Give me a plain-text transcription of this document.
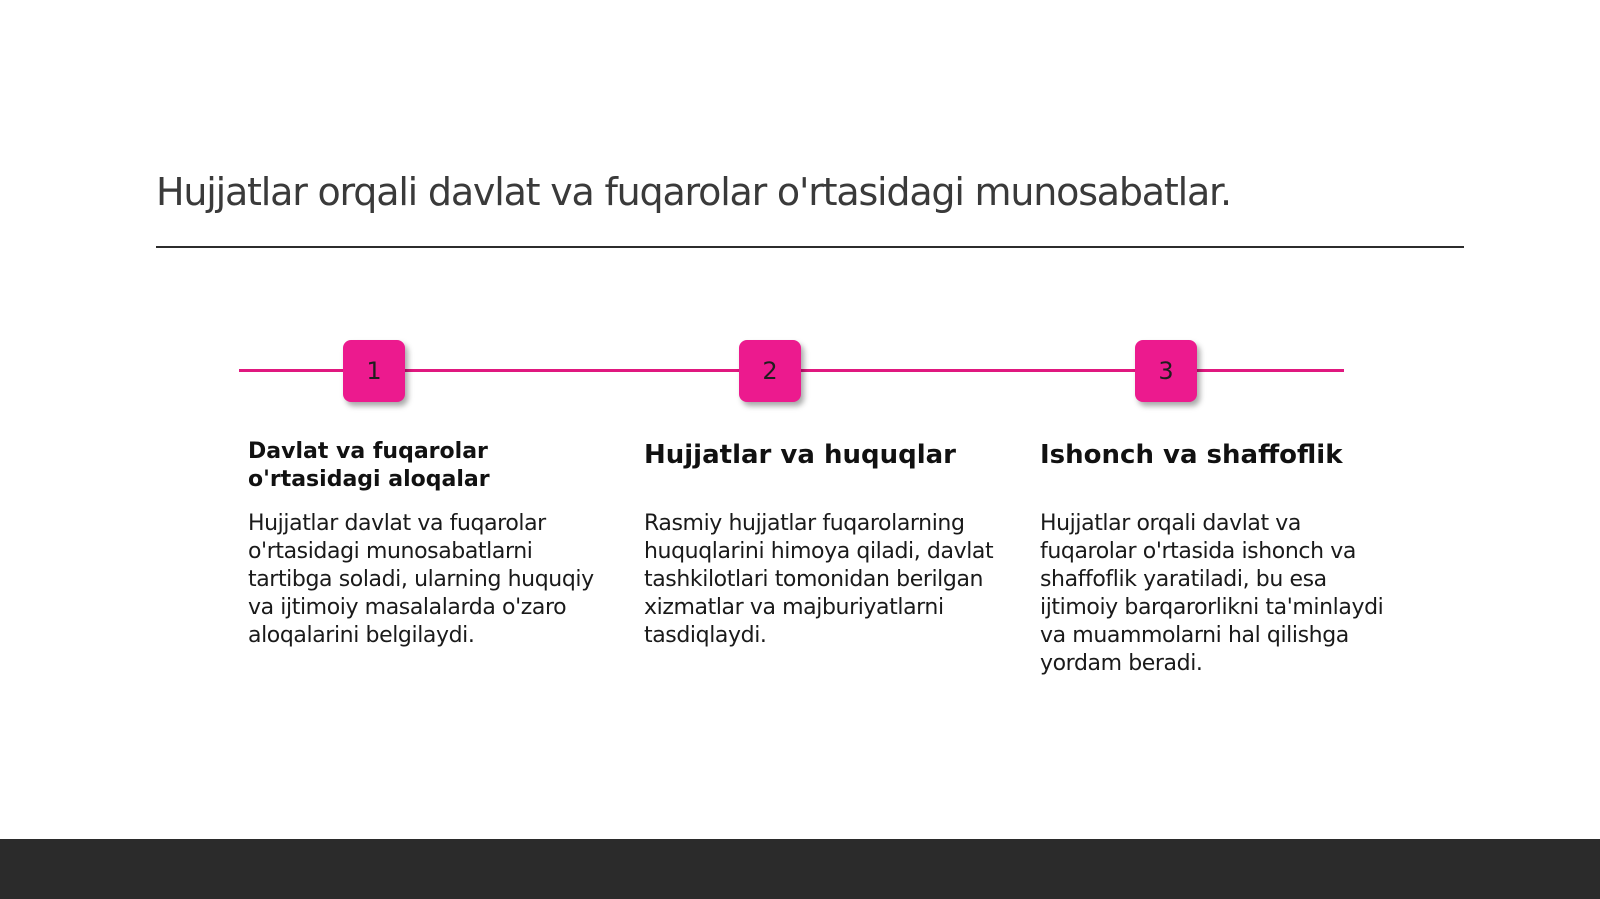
Hujjatlar orqali davlat va fuqarolar o'rtasidagi munosabatlar.
1	2	3
Davlat va fuqarolar o'rtasidagi aloqalar

Hujjatlar davlat va fuqarolar o'rtasidagi munosabatlarni tartibga soladi, ularning huquqiy va ijtimoiy masalalarda o'zaro aloqalarini belgilaydi.

Hujjatlar va huquqlar

Rasmiy hujjatlar fuqarolarning huquqlarini himoya qiladi, davlat tashkilotlari tomonidan berilgan xizmatlar va majburiyatlarni tasdiqlaydi.

Ishonch va shaffoflik

Hujjatlar orqali davlat va fuqarolar o'rtasida ishonch va shaffoflik yaratiladi, bu esa ijtimoiy barqarorlikni ta'minlaydi va muammolarni hal qilishga yordam beradi.
